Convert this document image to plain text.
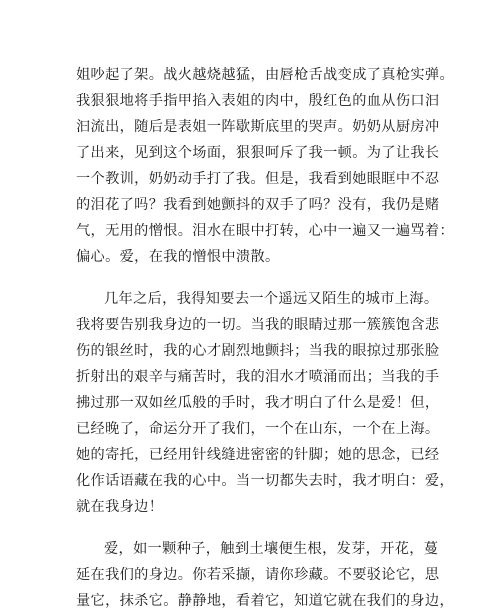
姐吵起了架。战火越烧越猛，由唇枪舌战变成了真枪实弹。
我狠狠地将手指甲掐入表姐的肉中，殷红色的血从伤口汩
汩流出，随后是表姐一阵歇斯底里的哭声。奶奶从厨房冲
了出来，见到这个场面，狠狠呵斥了我一顿。为了让我长
一个教训，奶奶动手打了我。但是，我看到她眼眶中不忍
的泪花了吗？我看到她颤抖的双手了吗？没有，我仍是赌
气，无用的憎恨。泪水在眼中打转，心中一遍又一遍骂着：
偏心。爱，在我的憎恨中溃散。
几年之后，我得知要去一个遥远又陌生的城市上海。
我将要告别我身边的一切。当我的眼睛过那一簇簇饱含悲
伤的银丝时，我的心才剧烈地颤抖；当我的眼掠过那张脸
折射出的艰辛与痛苦时，我的泪水才喷涌而出；当我的手
拂过那一双如丝瓜般的手时，我才明白了什么是爱！但，
已经晚了，命运分开了我们，一个在山东，一个在上海。
她的寄托，已经用针线缝进密密的针脚；她的思念，已经
化作话语藏在我的心中。当一切都失去时，我才明白：爱，
就在我身边！
爱，如一颗种子，触到土壤便生根，发芽，开花，蔓
延在我们的身边。你若采撷，请你珍藏。不要驳论它，思
量它，抹杀它。静静地，看着它，知道它就在我们的身边，
